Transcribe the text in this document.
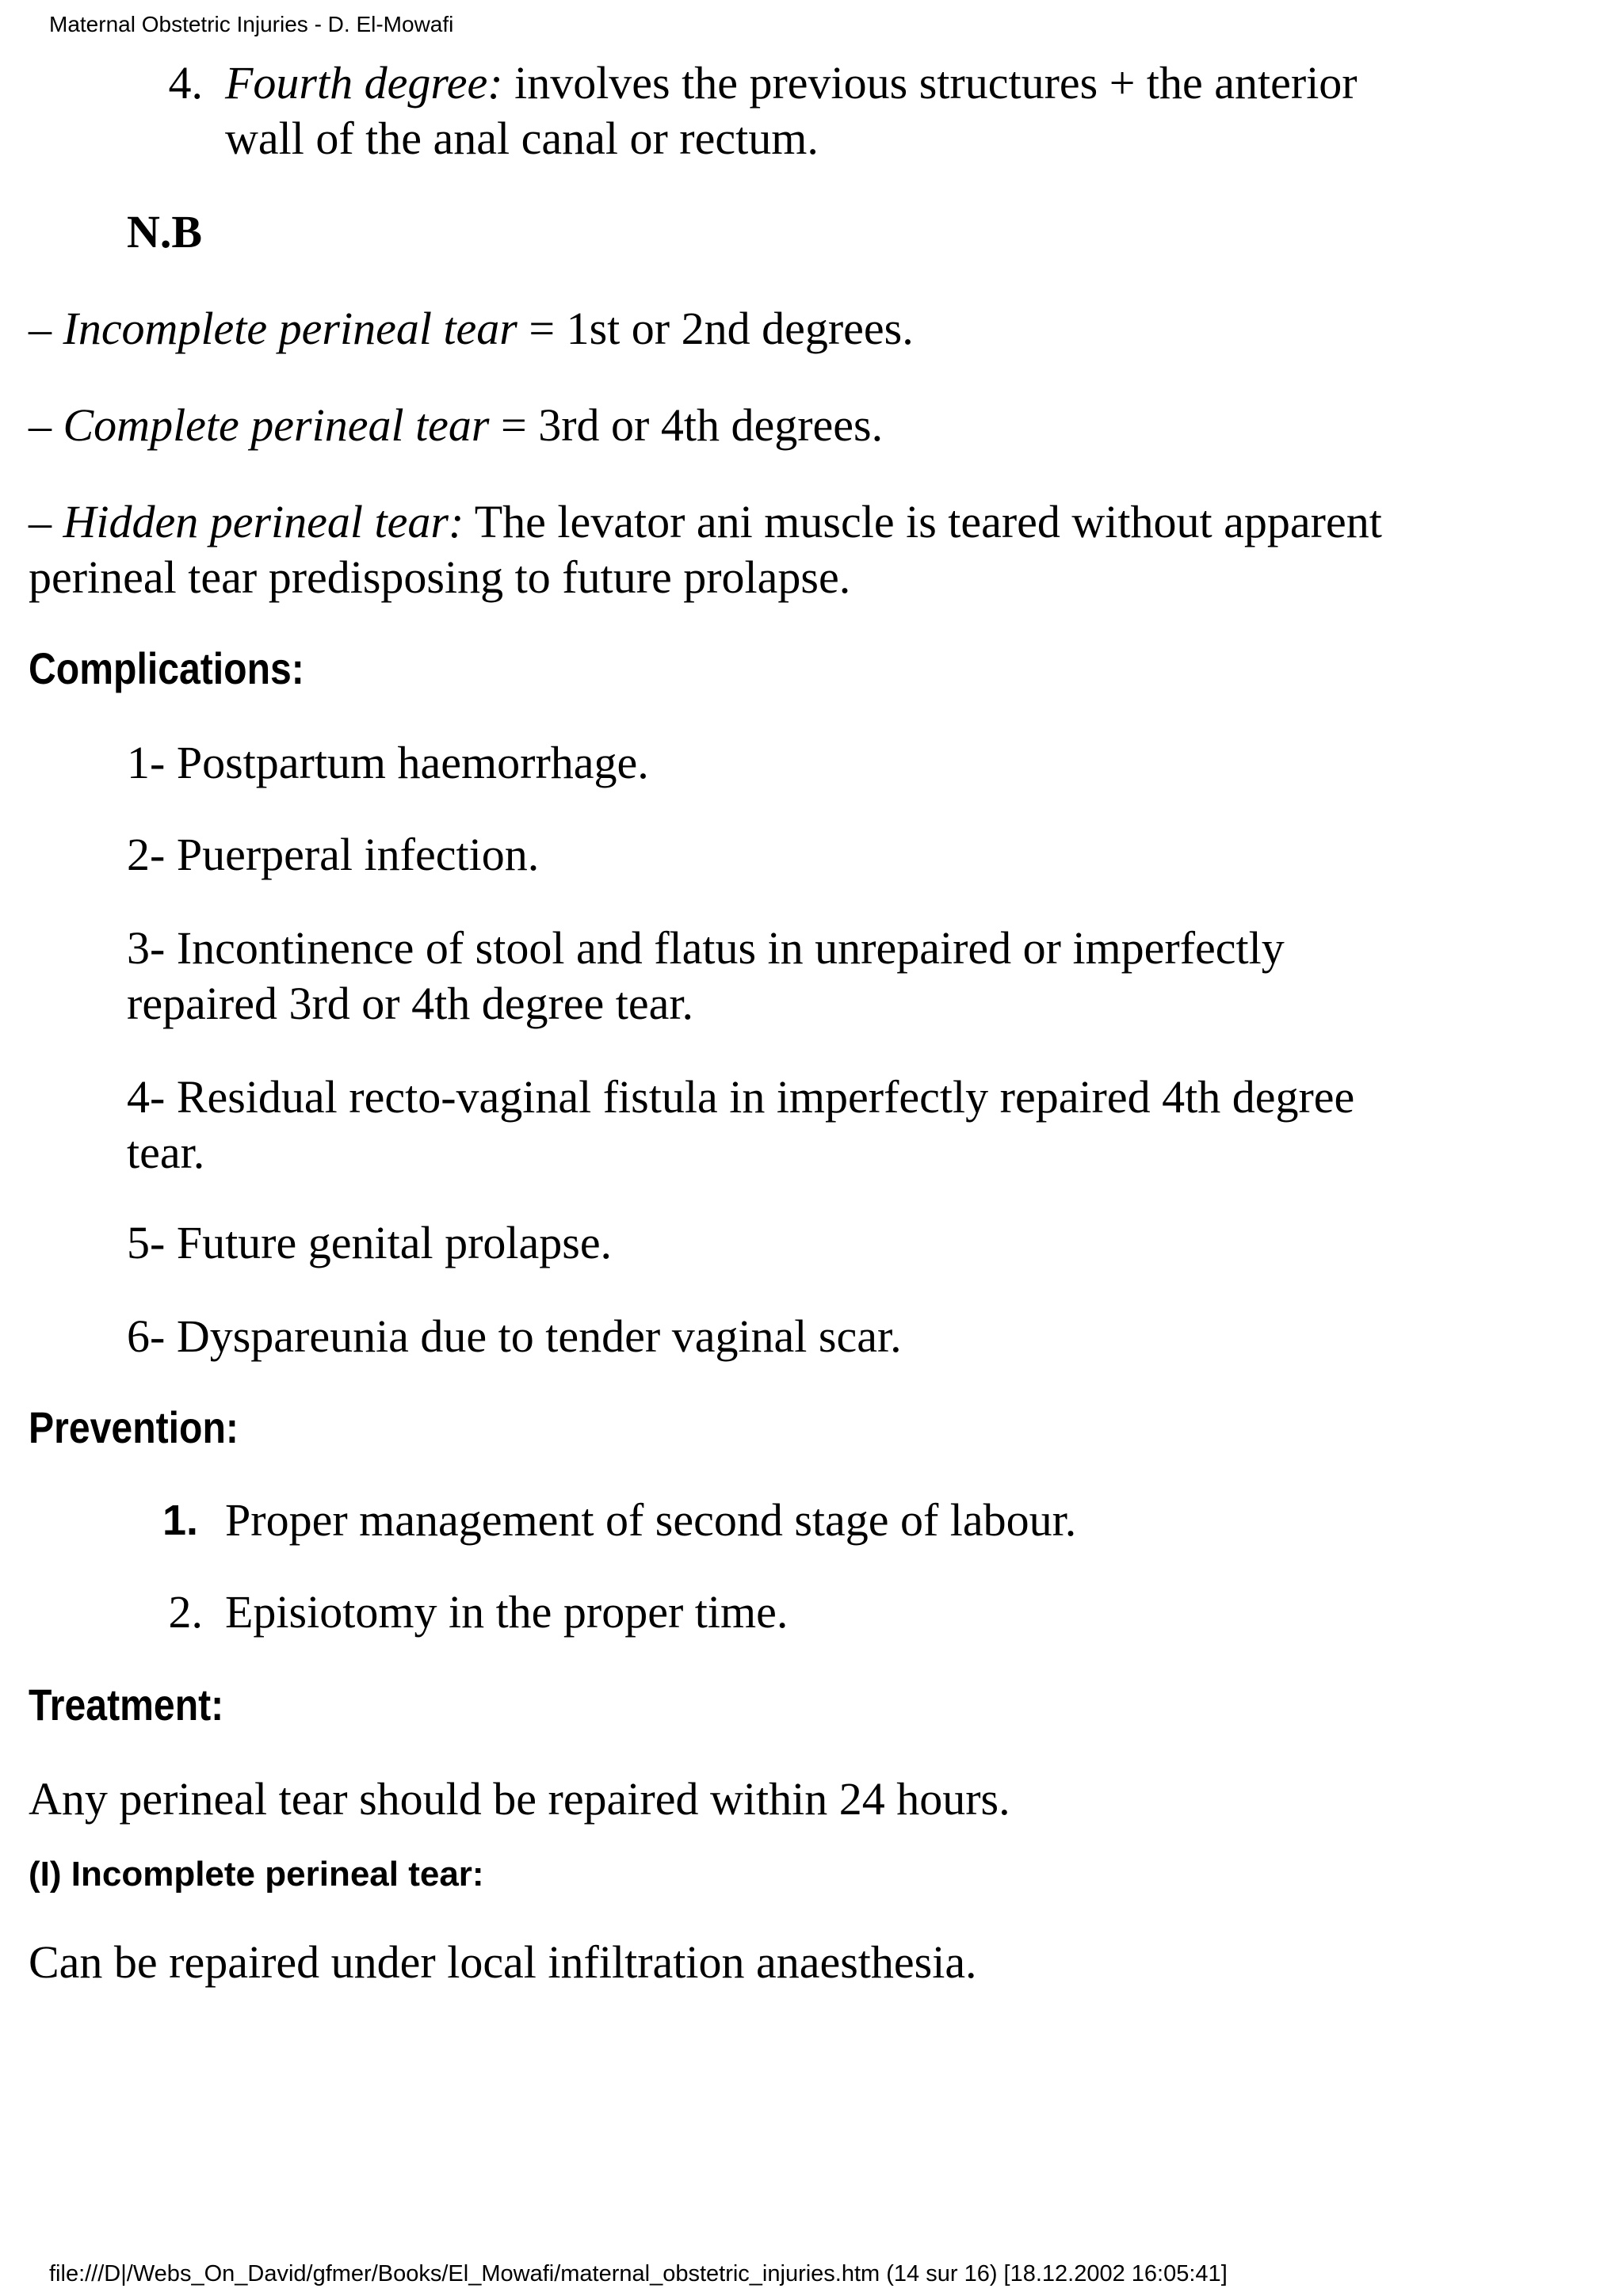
Maternal Obstetric Injuries - D. El-Mowafi
4. Fourth degree: involves the previous structures + the anterior
wall of the anal canal or rectum.
N.B
– Incomplete perineal tear = 1st or 2nd degrees.
– Complete perineal tear = 3rd or 4th degrees.
– Hidden perineal tear: The levator ani muscle is teared without apparent
perineal tear predisposing to future prolapse.
Complications:
1- Postpartum haemorrhage.
2- Puerperal infection.
3- Incontinence of stool and flatus in unrepaired or imperfectly
repaired 3rd or 4th degree tear.
4- Residual recto-vaginal fistula in imperfectly repaired 4th degree
tear.
5- Future genital prolapse.
6- Dyspareunia due to tender vaginal scar.
Prevention:
1. Proper management of second stage of labour.
2. Episiotomy in the proper time.
Treatment:
Any perineal tear should be repaired within 24 hours.
(I) Incomplete perineal tear:
Can be repaired under local infiltration anaesthesia.
file:///D|/Webs_On_David/gfmer/Books/El_Mowafi/maternal_obstetric_injuries.htm (14 sur 16) [18.12.2002 16:05:41]
